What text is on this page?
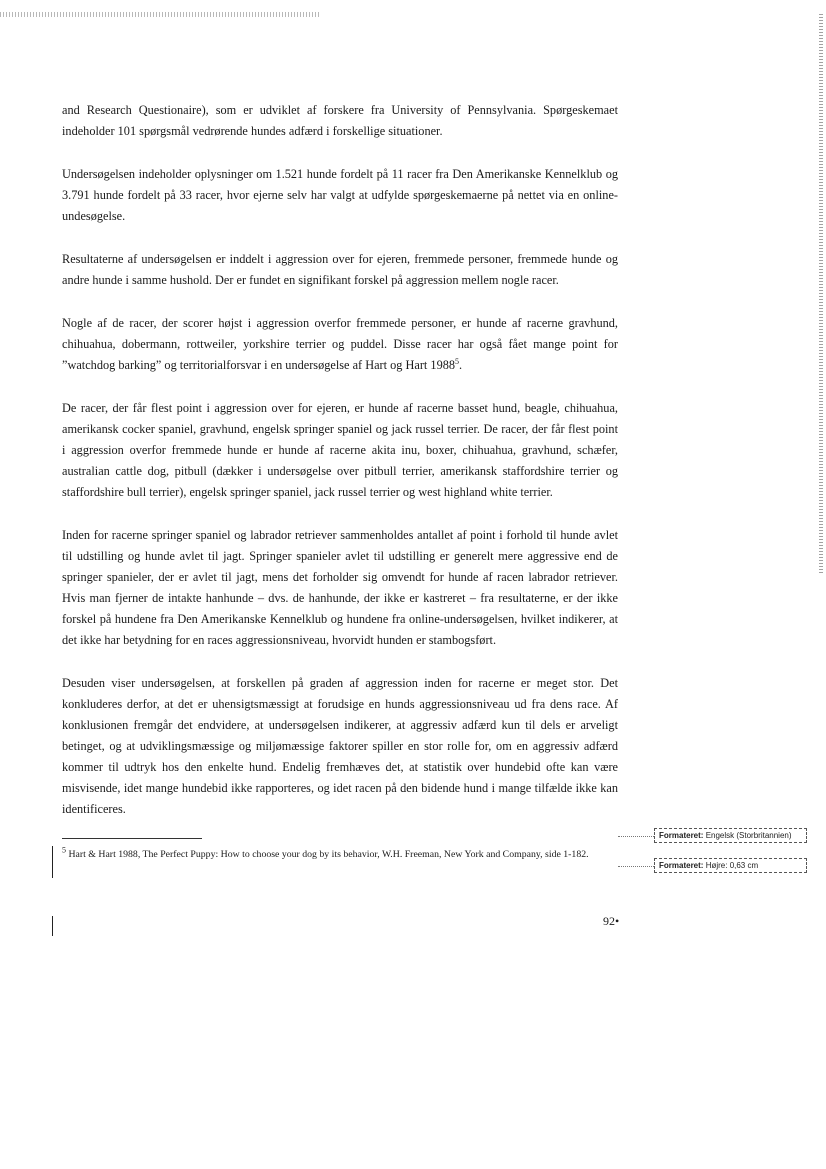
and Research Questionaire), som er udviklet af forskere fra University of Pennsylvania. Spørgeskemaet indeholder 101 spørgsmål vedrørende hundes adfærd i forskellige situationer.

Undersøgelsen indeholder oplysninger om 1.521 hunde fordelt på 11 racer fra Den Amerikanske Kennelklub og 3.791 hunde fordelt på 33 racer, hvor ejerne selv har valgt at udfylde spørgeskemaerne på nettet via en online-undesøgelse.

Resultaterne af undersøgelsen er inddelt i aggression over for ejeren, fremmede personer, fremmede hunde og andre hunde i samme hushold. Der er fundet en signifikant forskel på aggression mellem nogle racer.

Nogle af de racer, der scorer højst i aggression overfor fremmede personer, er hunde af racerne gravhund, chihuahua, dobermann, rottweiler, yorkshire terrier og puddel. Disse racer har også fået mange point for ”watchdog barking” og territorialforsvar i en undersøgelse af Hart og Hart 1988$^5$.

De racer, der får flest point i aggression over for ejeren, er hunde af racerne basset hund, beagle, chihuahua, amerikansk cocker spaniel, gravhund, engelsk springer spaniel og jack russel terrier. De racer, der får flest point i aggression overfor fremmede hunde er hunde af racerne akita inu, boxer, chihuahua, gravhund, schæfer, australian cattle dog, pitbull (dækker i undersøgelse over pitbull terrier, amerikansk staffordshire terrier og staffordshire bull terrier), engelsk springer spaniel, jack russel terrier og west highland white terrier.

Inden for racerne springer spaniel og labrador retriever sammenholdes antallet af point i forhold til hunde avlet til udstilling og hunde avlet til jagt. Springer spanieler avlet til udstilling er generelt mere aggressive end de springer spanieler, der er avlet til jagt, mens det forholder sig omvendt for hunde af racen labrador retriever. Hvis man fjerner de intakte hanhunde – dvs. de hanhunde, der ikke er kastreret – fra resultaterne, er der ikke forskel på hundene fra Den Amerikanske Kennelklub og hundene fra online-undersøgelsen, hvilket indikerer, at det ikke har betydning for en races aggressionsniveau, hvorvidt hunden er stambogsført.

Desuden viser undersøgelsen, at forskellen på graden af aggression inden for racerne er meget stor. Det konkluderes derfor, at det er uhensigtsmæssigt at forudsige en hunds aggressionsniveau ud fra dens race. Af konklusionen fremgår det endvidere, at undersøgelsen indikerer, at aggressiv adfærd kun til dels er arveligt betinget, og at udviklingsmæssige og miljømæssige faktorer spiller en stor rolle for, om en aggressiv adfærd kommer til udtryk hos den enkelte hund. Endelig fremhæves det, at statistik over hundebid ofte kan være misvisende, idet mange hundebid ikke rapporteres, og idet racen på den bidende hund i mange tilfælde ikke kan identificeres.

$^5$ Hart & Hart 1988, The Perfect Puppy: How to choose your dog by its behavior, W.H. Freeman, New York and Company, side 1-182.
92•
Formateret: Engelsk (Storbritannien)
Formateret: Højre: 0,63 cm
